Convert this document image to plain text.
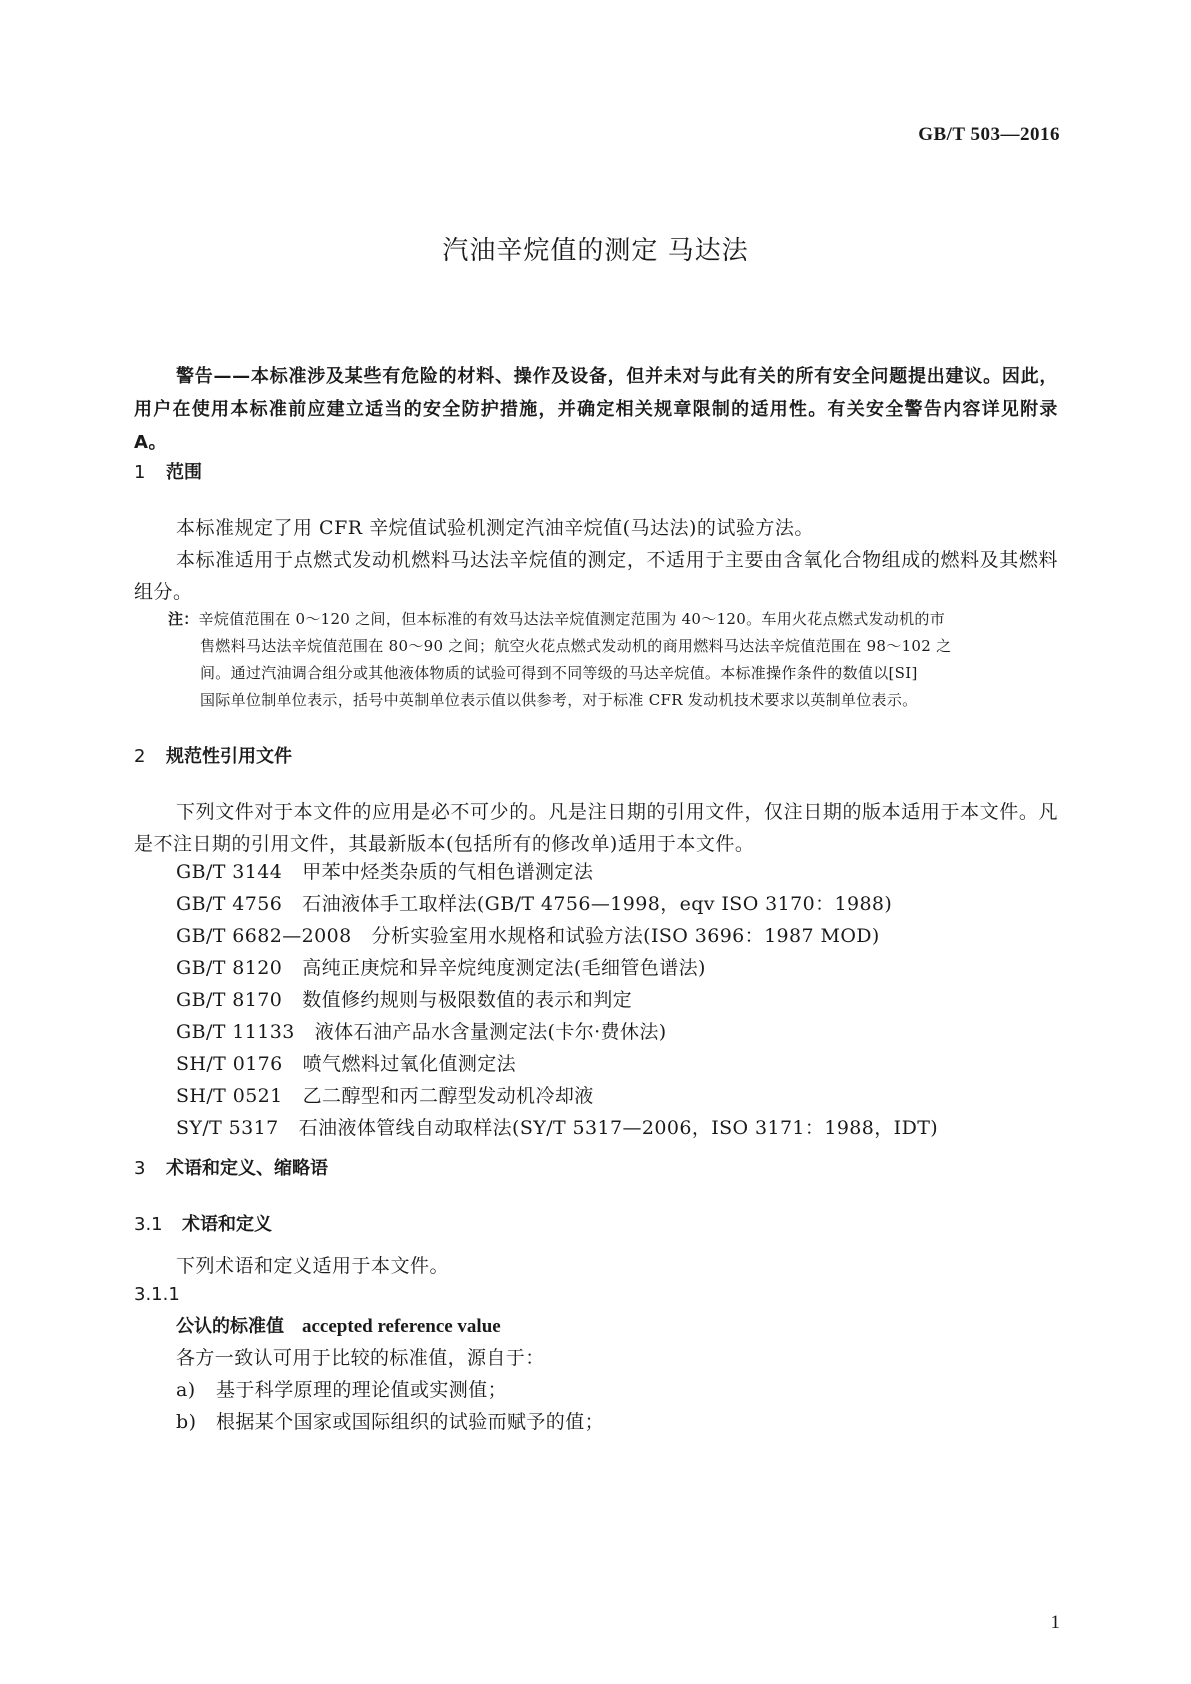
GB/T 503—2016
汽油辛烷值的测定 马达法
警告——本标准涉及某些有危险的材料、操作及设备，但并未对与此有关的所有安全问题提出建议。因此，用户在使用本标准前应建立适当的安全防护措施，并确定相关规章限制的适用性。有关安全警告内容详见附录 A。
1 范围
本标准规定了用 CFR 辛烷值试验机测定汽油辛烷值(马达法)的试验方法。
本标准适用于点燃式发动机燃料马达法辛烷值的测定，不适用于主要由含氧化合物组成的燃料及其燃料组分。
注：辛烷值范围在 0～120 之间，但本标准的有效马达法辛烷值测定范围为 40～120。车用火花点燃式发动机的市
售燃料马达法辛烷值范围在 80～90 之间；航空火花点燃式发动机的商用燃料马达法辛烷值范围在 98～102 之
间。通过汽油调合组分或其他液体物质的试验可得到不同等级的马达辛烷值。本标准操作条件的数值以[SI]
国际单位制单位表示，括号中英制单位表示值以供参考，对于标准 CFR 发动机技术要求以英制单位表示。
2 规范性引用文件
下列文件对于本文件的应用是必不可少的。凡是注日期的引用文件，仅注日期的版本适用于本文件。凡是不注日期的引用文件，其最新版本(包括所有的修改单)适用于本文件。
GB/T 3144 甲苯中烃类杂质的气相色谱测定法
GB/T 4756 石油液体手工取样法(GB/T 4756—1998，eqv ISO 3170：1988)
GB/T 6682—2008 分析实验室用水规格和试验方法(ISO 3696：1987 MOD)
GB/T 8120 高纯正庚烷和异辛烷纯度测定法(毛细管色谱法)
GB/T 8170 数值修约规则与极限数值的表示和判定
GB/T 11133 液体石油产品水含量测定法(卡尔·费休法)
SH/T 0176 喷气燃料过氧化值测定法
SH/T 0521 乙二醇型和丙二醇型发动机冷却液
SY/T 5317 石油液体管线自动取样法(SY/T 5317—2006，ISO 3171：1988，IDT)
3 术语和定义、缩略语
3.1 术语和定义
下列术语和定义适用于本文件。
3.1.1
公认的标准值 accepted reference value
各方一致认可用于比较的标准值，源自于：
a) 基于科学原理的理论值或实测值；
b) 根据某个国家或国际组织的试验而赋予的值；
1
